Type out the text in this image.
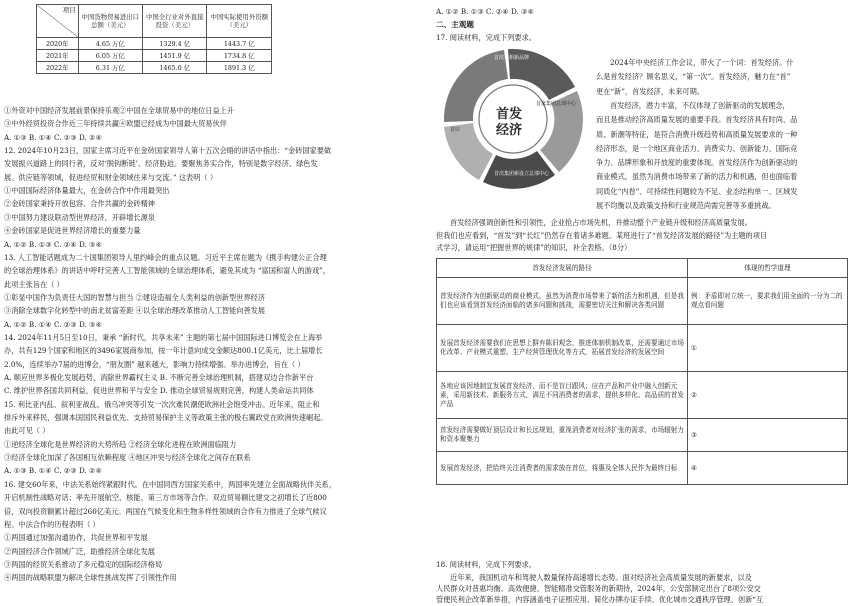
项目	中国货物贸易进出口总额（美元）	中国全行业对外直接投资（美元）	中国实际使用外资额（美元）
2020年	4.65 万亿	1329.4 亿	1443.7 亿
2021年	6.05 万亿	1451.9 亿	1734.8 亿
2022年	6.31 万亿	1465.0 亿	1891.3 亿
①外资对中国经济发展前景保持乐观②中国在全球贸易中的地位日益上升
③中外经贸投资合作近三年持续共赢④欧盟已经成为中国最大贸易伙伴
A. ①③ B. ①④ C. ②③ D. ②④
12. 2024年10月23日，国家主席习近平在金砖国家领导人第十五次会晤的讲话中指出：“金砖国家要做
发展振兴道路上的同行者，反对‘脱钩断链’、经济胁迫。要聚焦务实合作，特别是数字经济、绿色发
展、供应链等领域，促进经贸和财金领域往来与交流。” 这表明（ ）
①中国国际经济体量最大，在金砖合作中作用最突出
②金砖国家秉持开放包容、合作共赢的金砖精神
③中国努力建设联动型世界经济，开辟增长源泉
④金砖国家是促进世界经济增长的重要力量
A. ①② B. ①③ C. ②④ D. ③④
13. 人工智能话题成为二十国集团领导人里约峰会的重点议题。习近平主席在题为《携手构建公正合理
的全球治理体系》的讲话中呼吁完善人工智能领域的全球治理体系，避免其成为 “富国和富人的游戏”，
此项主张旨在（ ）
①彰显中国作为负责任大国的智慧与担当 ②建设造福全人类利益的创新型世界经济
③消除全球数字化转型中的南北贫富差距 ④以全球治理改革推动人工智能向善发展
A. ①② B. ①④ C. ②③ D. ③④
14. 2024年11月5日至10日，秉承 “新时代，共享未来” 主题的第七届中国国际进口博览会在上海举
办，共有129个国家和地区的3496家展商参加，按一年计意向成交金额达800.1亿美元，比上届增长
2.0%，连续举办7届的进博会，“朋友圈” 越来越大，影响力持续增强。举办进博会，旨在（ ）
A. 顺应世界多极化发展趋势，消除世界霸权主义 B. 不断完善全球治理机制，搭建双边合作新平台
C. 维护世界各国共同利益，促进世界和平与安全 D. 推动全球贸易规则完善，构建人类命运共同体
15. 利比亚内乱、叙利亚战乱、俄乌冲突等引发一次次难民潮使欧洲社会饱受冲击。近年来，阻止和
排斥外来移民，强调本国国民利益优先、支持贸易保护主义等政策主张的极右翼政党在欧洲快速崛起。
由此可见（ ）
①逆经济全球化是世界经济的大势所趋 ②经济全球化进程在欧洲面临阻力
③经济全球化加深了各国相互依赖程度 ④地区冲突与经济全球化之间存在联系
A. ①③ B. ①④ C. ②③ D. ②④
16. 建交60年来，中法关系始终紧跟时代。在中国同西方国家关系中，两国率先建立全面战略伙伴关系，
开启机制性战略对话；率先开展航空、核能、第三方市场等合作。双边贸易额比建交之初增长了近800
倍，双向投资额累计超过260亿美元。两国在气候变化和生物多样性领域的合作有力推进了全球气候议
程。中法合作的历程表明（ ）
①两国通过加强沟通协作，共促世界和平发展
②两国经济合作领域广泛，助推经济全球化发展
③两国的经贸关系推动了多元稳定的国际经济格局
④两国的战略联盟为解决全球性挑战发挥了引领性作用
A. ①② B. ①③ C. ②④ D. ③④
二、主观题
17. 阅读材料，完成下列要求。
首发
经济
首次亮相新品牌
首家集团总部中心
首次集团新设立总部中心
首店
2024年中央经济工作会议，带火了一个词：首发经济。什
么是首发经济？顾名思义，“第一次”。首发经济，魅力在“首”
更在“新”，首发经济，未来可期。
首发经济，潜力丰富，不仅体现了创新驱动的发展理念，
而且是推动经济高质量发展的重要手段。首发经济具有时尚、品
质、新潮等特征，是符合消费升级趋势和高质量发展要求的一种
经济形态，是一个地区商业活力、消费实力、创新能力、国际竞
争力、品牌形象和开放度的重要体现。首发经济作为创新驱动的
商业模式，虽然为消费市场带来了新的活力和机遇，但也面临着
同质化“内卷”、可持续性问题较为不足、业态结构单一、区域发
展不均衡以及政策支持和行业规范尚需完善等多重挑战。
首发经济强调创新性和引领性，企业抢占市场先机，并推动整个产业链升级和经济高质量发展。
但我们也应看到，“首发”到“长红”仍然存在着诸多难题。某班进行了“首发经济发展的路径”为主题的项目
式学习，请运用“把握世界的规律”的知识，补全表格。（8分）
首发经济发展的路径	体现的哲学道理
首发经济作为创新驱动的商业模式，虽然为消费市场带来了新的活力和机遇，但是我们也应该看到首发经济面临的诸多问题和挑战，需要密切关注和解决各类问题	例：矛盾即对立统一，要求我们用全面的一分为二的观点看问题
发展首发经济需要我们在思想上摒弃陈旧观念，推进体制机制改革，还需要通过市场化改革、产业模式重塑、生产经营管理优化等方式，拓展首发经济的发展空间	①
各地应该因地制宜发展首发经济，而不是盲目跟风；应在产品和产业中融入创新元素，采用新技术、新服务方式，满足不同消费者的需求，提供多样化、高品质的首发产品	②
首发经济需要做好顶层设计和长远规划，重视消费者对经济扩张的需求，市场辐射力和资本聚集力	③
发展首发经济，把给终关注消费者的需求放在首位，将惠及全体人民作为最终目标	④
18. 阅读材料，完成下列要求。
近年来，我国机动车和驾驶人数量保持高速增长态势。面对经济社会高质量发展的新要求，以及
人民群众对普惠均衡、高效便捷、智能精准交管服务的新期待，2024年，公安部制定出台了8项公安交
管便民利企改革新举措，内容涵盖电子证照应用、简化办牌办证手续、优化城市交通秩序管理、创新“互
